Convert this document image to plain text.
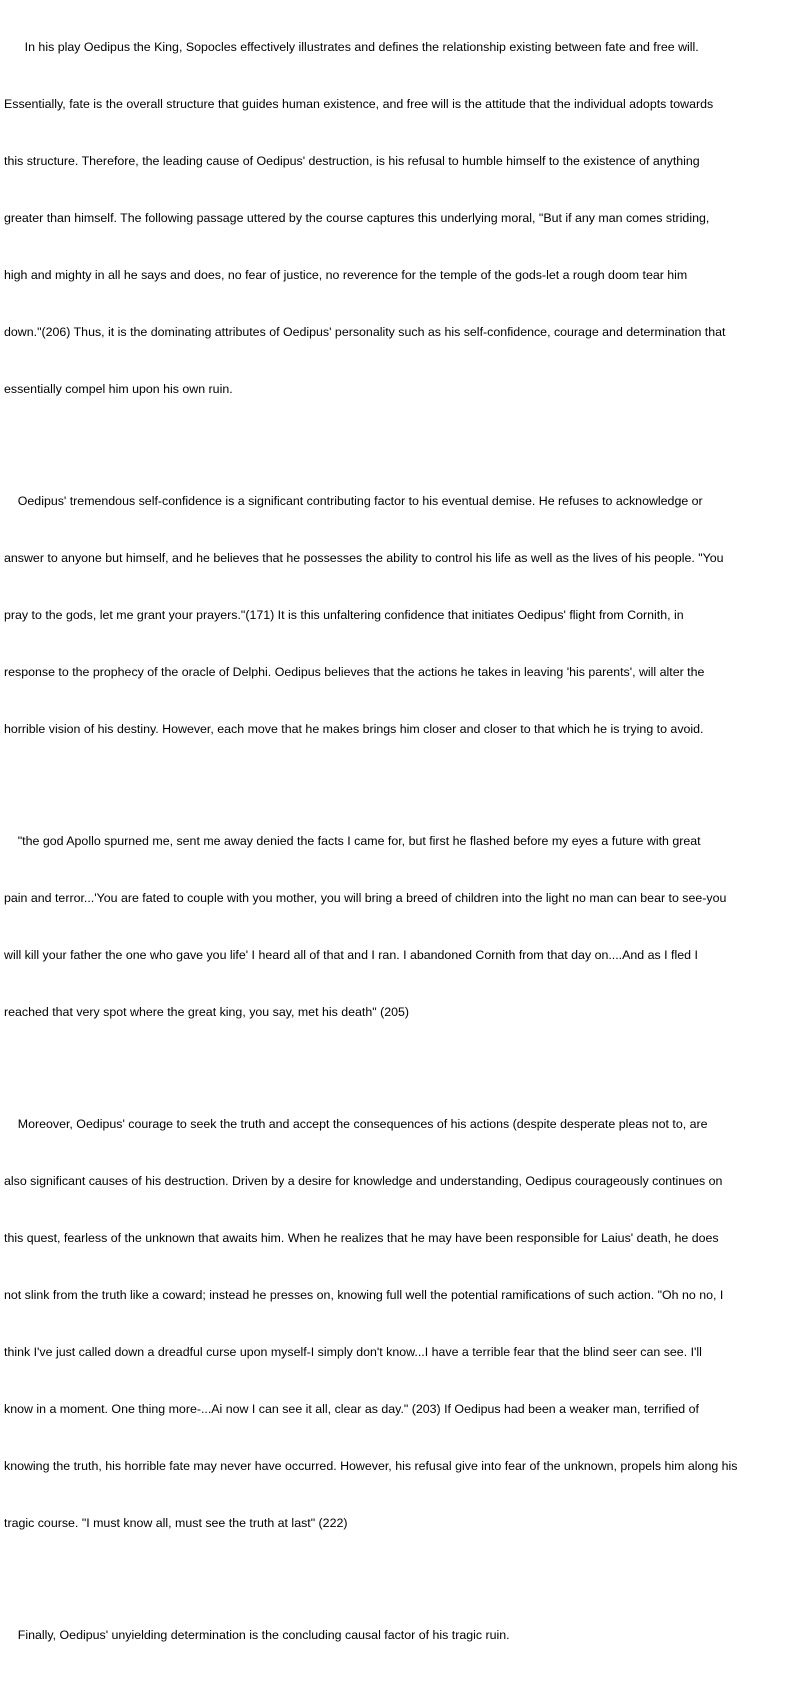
In his play Oedipus the King, Sopocles effectively illustrates and defines the relationship existing between fate and free will.

Essentially, fate is the overall structure that guides human existence, and free will is the attitude that the individual adopts towards

this structure. Therefore, the leading cause of Oedipus' destruction, is his refusal to humble himself to the existence of anything

greater than himself. The following passage uttered by the course captures this underlying moral, "But if any man comes striding,

high and mighty in all he says and does, no fear of justice, no reverence for the temple of the gods-let a rough doom tear him

down."(206) Thus, it is the dominating attributes of Oedipus' personality such as his self-confidence, courage and determination that

essentially compel him upon his own ruin.

Oedipus' tremendous self-confidence is a significant contributing factor to his eventual demise. He refuses to acknowledge or

answer to anyone but himself, and he believes that he possesses the ability to control his life as well as the lives of his people. "You

pray to the gods, let me grant your prayers."(171) It is this unfaltering confidence that initiates Oedipus' flight from Cornith, in

response to the prophecy of the oracle of Delphi. Oedipus believes that the actions he takes in leaving 'his parents', will alter the

horrible vision of his destiny. However, each move that he makes brings him closer and closer to that which he is trying to avoid.

"the god Apollo spurned me, sent me away denied the facts I came for, but first he flashed before my eyes a future with great

pain and terror...'You are fated to couple with you mother, you will bring a breed of children into the light no man can bear to see-you

will kill your father the one who gave you life' I heard all of that and I ran. I abandoned Cornith from that day on....And as I fled I

reached that very spot where the great king, you say, met his death" (205)

Moreover, Oedipus' courage to seek the truth and accept the consequences of his actions (despite desperate pleas not to, are

also significant causes of his destruction. Driven by a desire for knowledge and understanding, Oedipus courageously continues on

this quest, fearless of the unknown that awaits him. When he realizes that he may have been responsible for Laius' death, he does

not slink from the truth like a coward; instead he presses on, knowing full well the potential ramifications of such action. "Oh no no, I

think I've just called down a dreadful curse upon myself-I simply don't know...I have a terrible fear that the blind seer can see. I'll

know in a moment. One thing more-...Ai now I can see it all, clear as day." (203) If Oedipus had been a weaker man, terrified of

knowing the truth, his horrible fate may never have occurred. However, his refusal give into fear of the unknown, propels him along his

tragic course. "I must know all, must see the truth at last" (222)

Finally, Oedipus' unyielding determination is the concluding causal factor of his tragic ruin.
